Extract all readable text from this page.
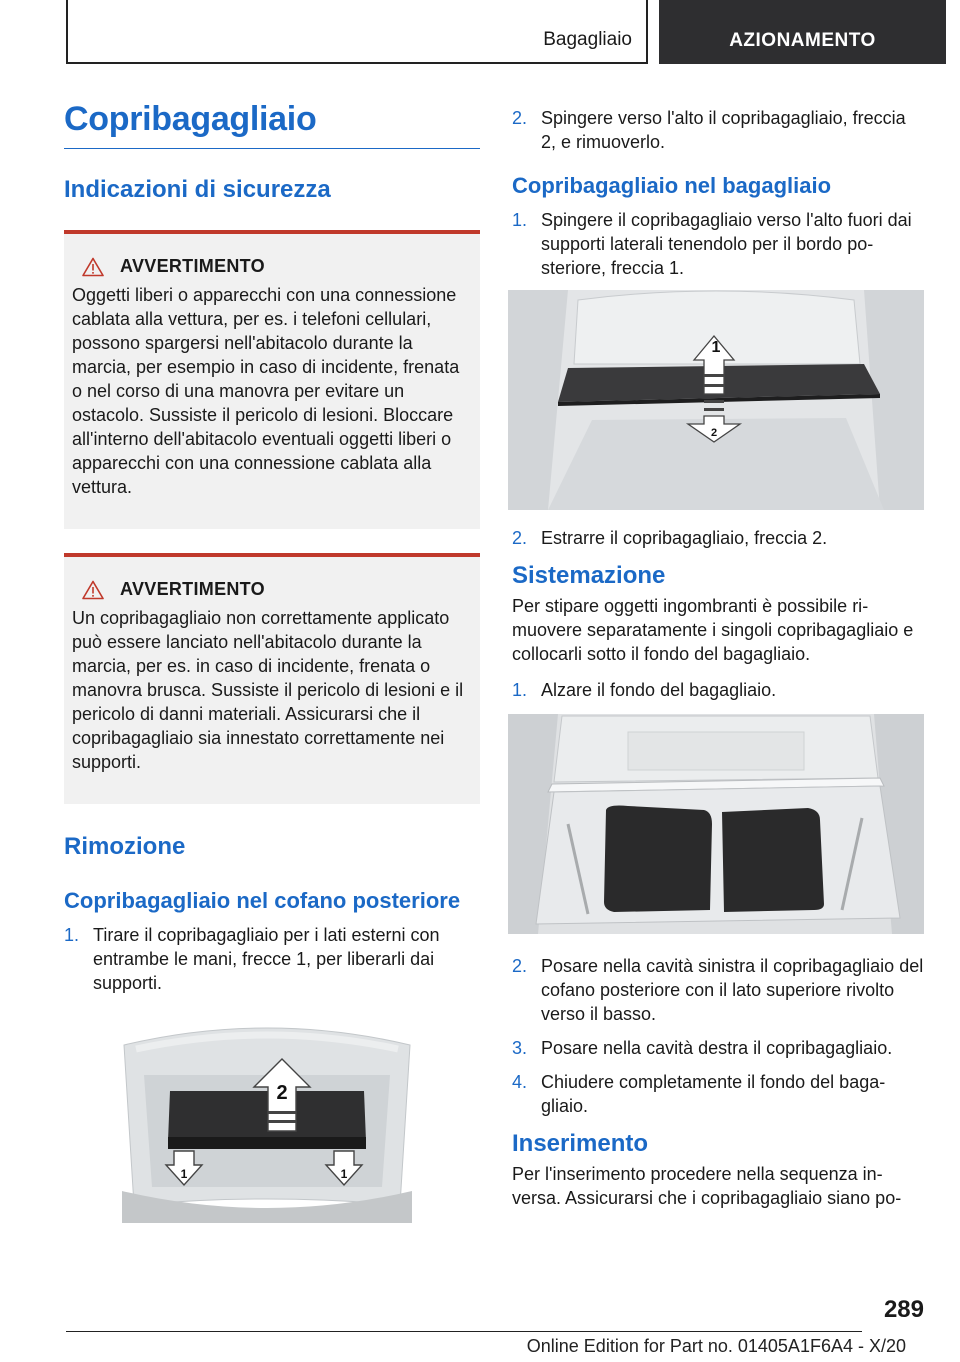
Bagagliaio	AZIONAMENTO
Copribagagliaio
Indicazioni di sicurezza
AVVERTIMENTO

Oggetti liberi o apparecchi con una connessione cablata alla vettura, per es. i telefoni cellulari, possono spargersi nell'abitacolo durante la marcia, per esempio in caso di incidente, frenata o nel corso di una manovra per evitare un ostacolo. Sussiste il pericolo di lesioni. Bloccare all'interno dell'abitacolo eventuali oggetti liberi o apparecchi con una connessione cablata alla vettura.

AVVERTIMENTO

Un copribagagliaio non correttamente applicato può essere lanciato nell'abitacolo durante la marcia, per es. in caso di incidente, frenata o manovra brusca. Sussiste il pericolo di lesioni e il pericolo di danni materiali. Assicurarsi che il copribagagliaio sia innestato correttamente nei supporti.

Rimozione
Copribagagliaio nel cofano posteriore
1. Tirare il copribagagliaio per i lati esterni con entrambe le mani, frecce 1, per liberarli dai supporti.
2
1	1
2. Spingere verso l'alto il copribagagliaio, freccia 2, e rimuoverlo.
Copribagagliaio nel bagagliaio
1. Spingere il copribagagliaio verso l'alto fuori dai supporti laterali tenendolo per il bordo posteriore, freccia 1.
1
2
2. Estrarre il copribagagliaio, freccia 2.
Sistemazione

Per stipare oggetti ingombranti è possibile rimuovere separatamente i singoli copribagagliaio e collocarli sotto il fondo del bagagliaio.

1. Alzare il fondo del bagagliaio.
2. Posare nella cavità sinistra il copribagagliaio del cofano posteriore con il lato superiore rivolto verso il basso.
3. Posare nella cavità destra il copribagagliaio.
4. Chiudere completamente il fondo del bagagliaio.
Inserimento

Per l'inserimento procedere nella sequenza inversa. Assicurarsi che i copribagagliaio siano po-

289
Online Edition for Part no. 01405A1F6A4 - X/20
